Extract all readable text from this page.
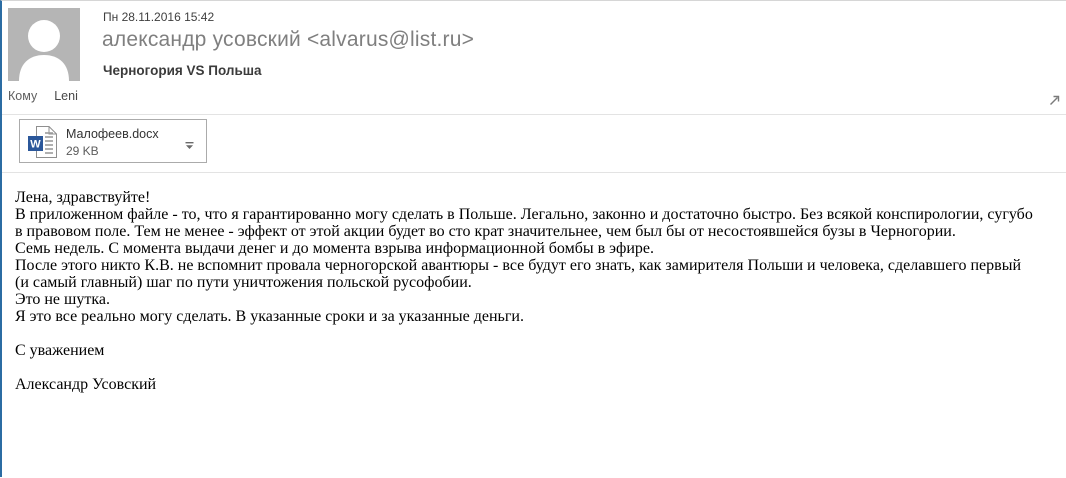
Пн 28.11.2016 15:42
александр усовский <alvarus@list.ru>
Черногория VS Польша
Кому Leni
W
Малофеев.docx
29 KB
Лена, здравствуйте!
В приложенном файле - то, что я гарантированно могу сделать в Польше. Легально, законно и достаточно быстро. Без всякой конспирологии, сугубо
в правовом поле. Тем не менее - эффект от этой акции будет во сто крат значительнее, чем был бы от несостоявшейся бузы в Черногории.
Семь недель. С момента выдачи денег и до момента взрыва информационной бомбы в эфире.
После этого никто К.В. не вспомнит провала черногорской авантюры - все будут его знать, как замирителя Польши и человека, сделавшего первый
(и самый главный) шаг по пути уничтожения польской русофобии.
Это не шутка.
Я это все реально могу сделать. В указанные сроки и за указанные деньги.
С уважением
Александр Усовский
